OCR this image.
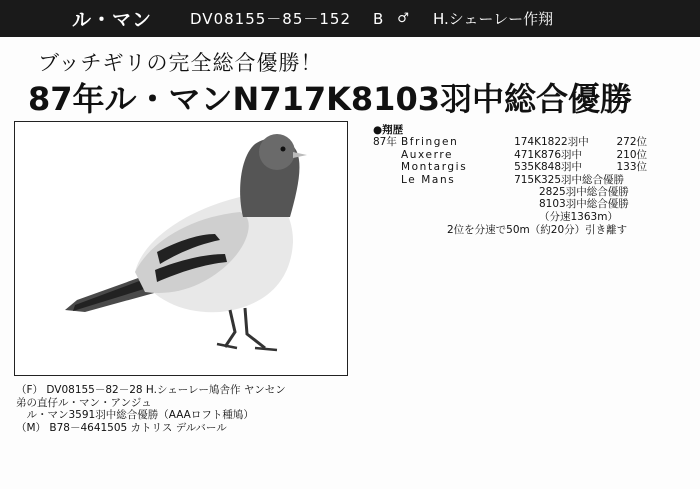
ル・マン	DV08155－85－152 B ♂ H.シェーレー作翔
ブッチギリの完全総合優勝！
87年ル・マンN717K8103羽中総合優勝
●翔歴
87年 Bfringen	174K 1822羽中	272位
Auxerre	471K 876羽中	210位
Montargis	535K 848羽中	133位
Le Mans	715K 325羽中総合優勝
2825羽中総合優勝
8103羽中総合優勝
（分速1363m）
2位を分速で50m（約20分）引き離す
（F） DV08155－82－28 H.シェーレー鳩舎作 ヤンセン
弟の直仔ル・マン・アンジュ
　ル・マン3591羽中総合優勝（AAAロフト種鳩）
（M） B78－4641505 カトリス デルバール
